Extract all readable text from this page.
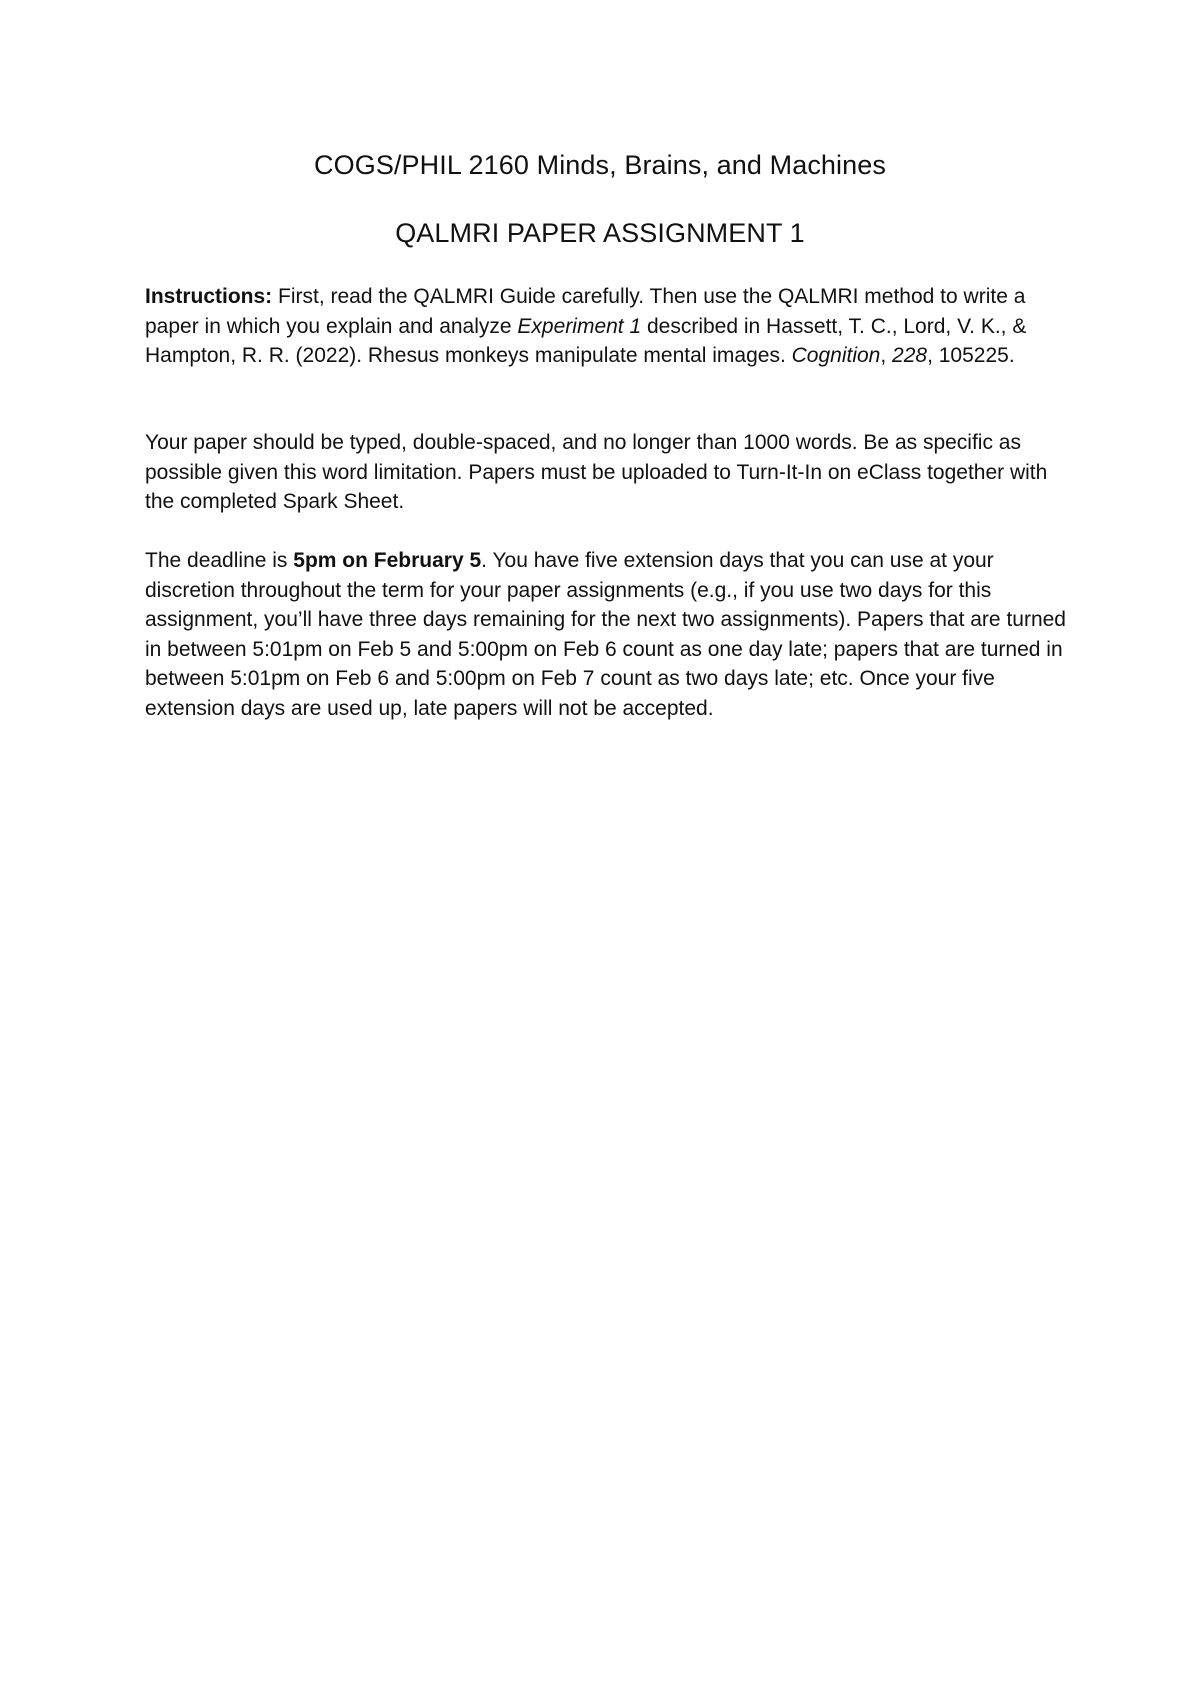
COGS/PHIL 2160 Minds, Brains, and Machines
QALMRI PAPER ASSIGNMENT 1

Instructions: First, read the QALMRI Guide carefully. Then use the QALMRI method to write a paper in which you explain and analyze Experiment 1 described in Hassett, T. C., Lord, V. K., & Hampton, R. R. (2022). Rhesus monkeys manipulate mental images. Cognition, 228, 105225.

Your paper should be typed, double-spaced, and no longer than 1000 words. Be as specific as possible given this word limitation. Papers must be uploaded to Turn-It-In on eClass together with the completed Spark Sheet.

The deadline is 5pm on February 5. You have five extension days that you can use at your discretion throughout the term for your paper assignments (e.g., if you use two days for this assignment, you’ll have three days remaining for the next two assignments). Papers that are turned in between 5:01pm on Feb 5 and 5:00pm on Feb 6 count as one day late; papers that are turned in between 5:01pm on Feb 6 and 5:00pm on Feb 7 count as two days late; etc. Once your five extension days are used up, late papers will not be accepted.
